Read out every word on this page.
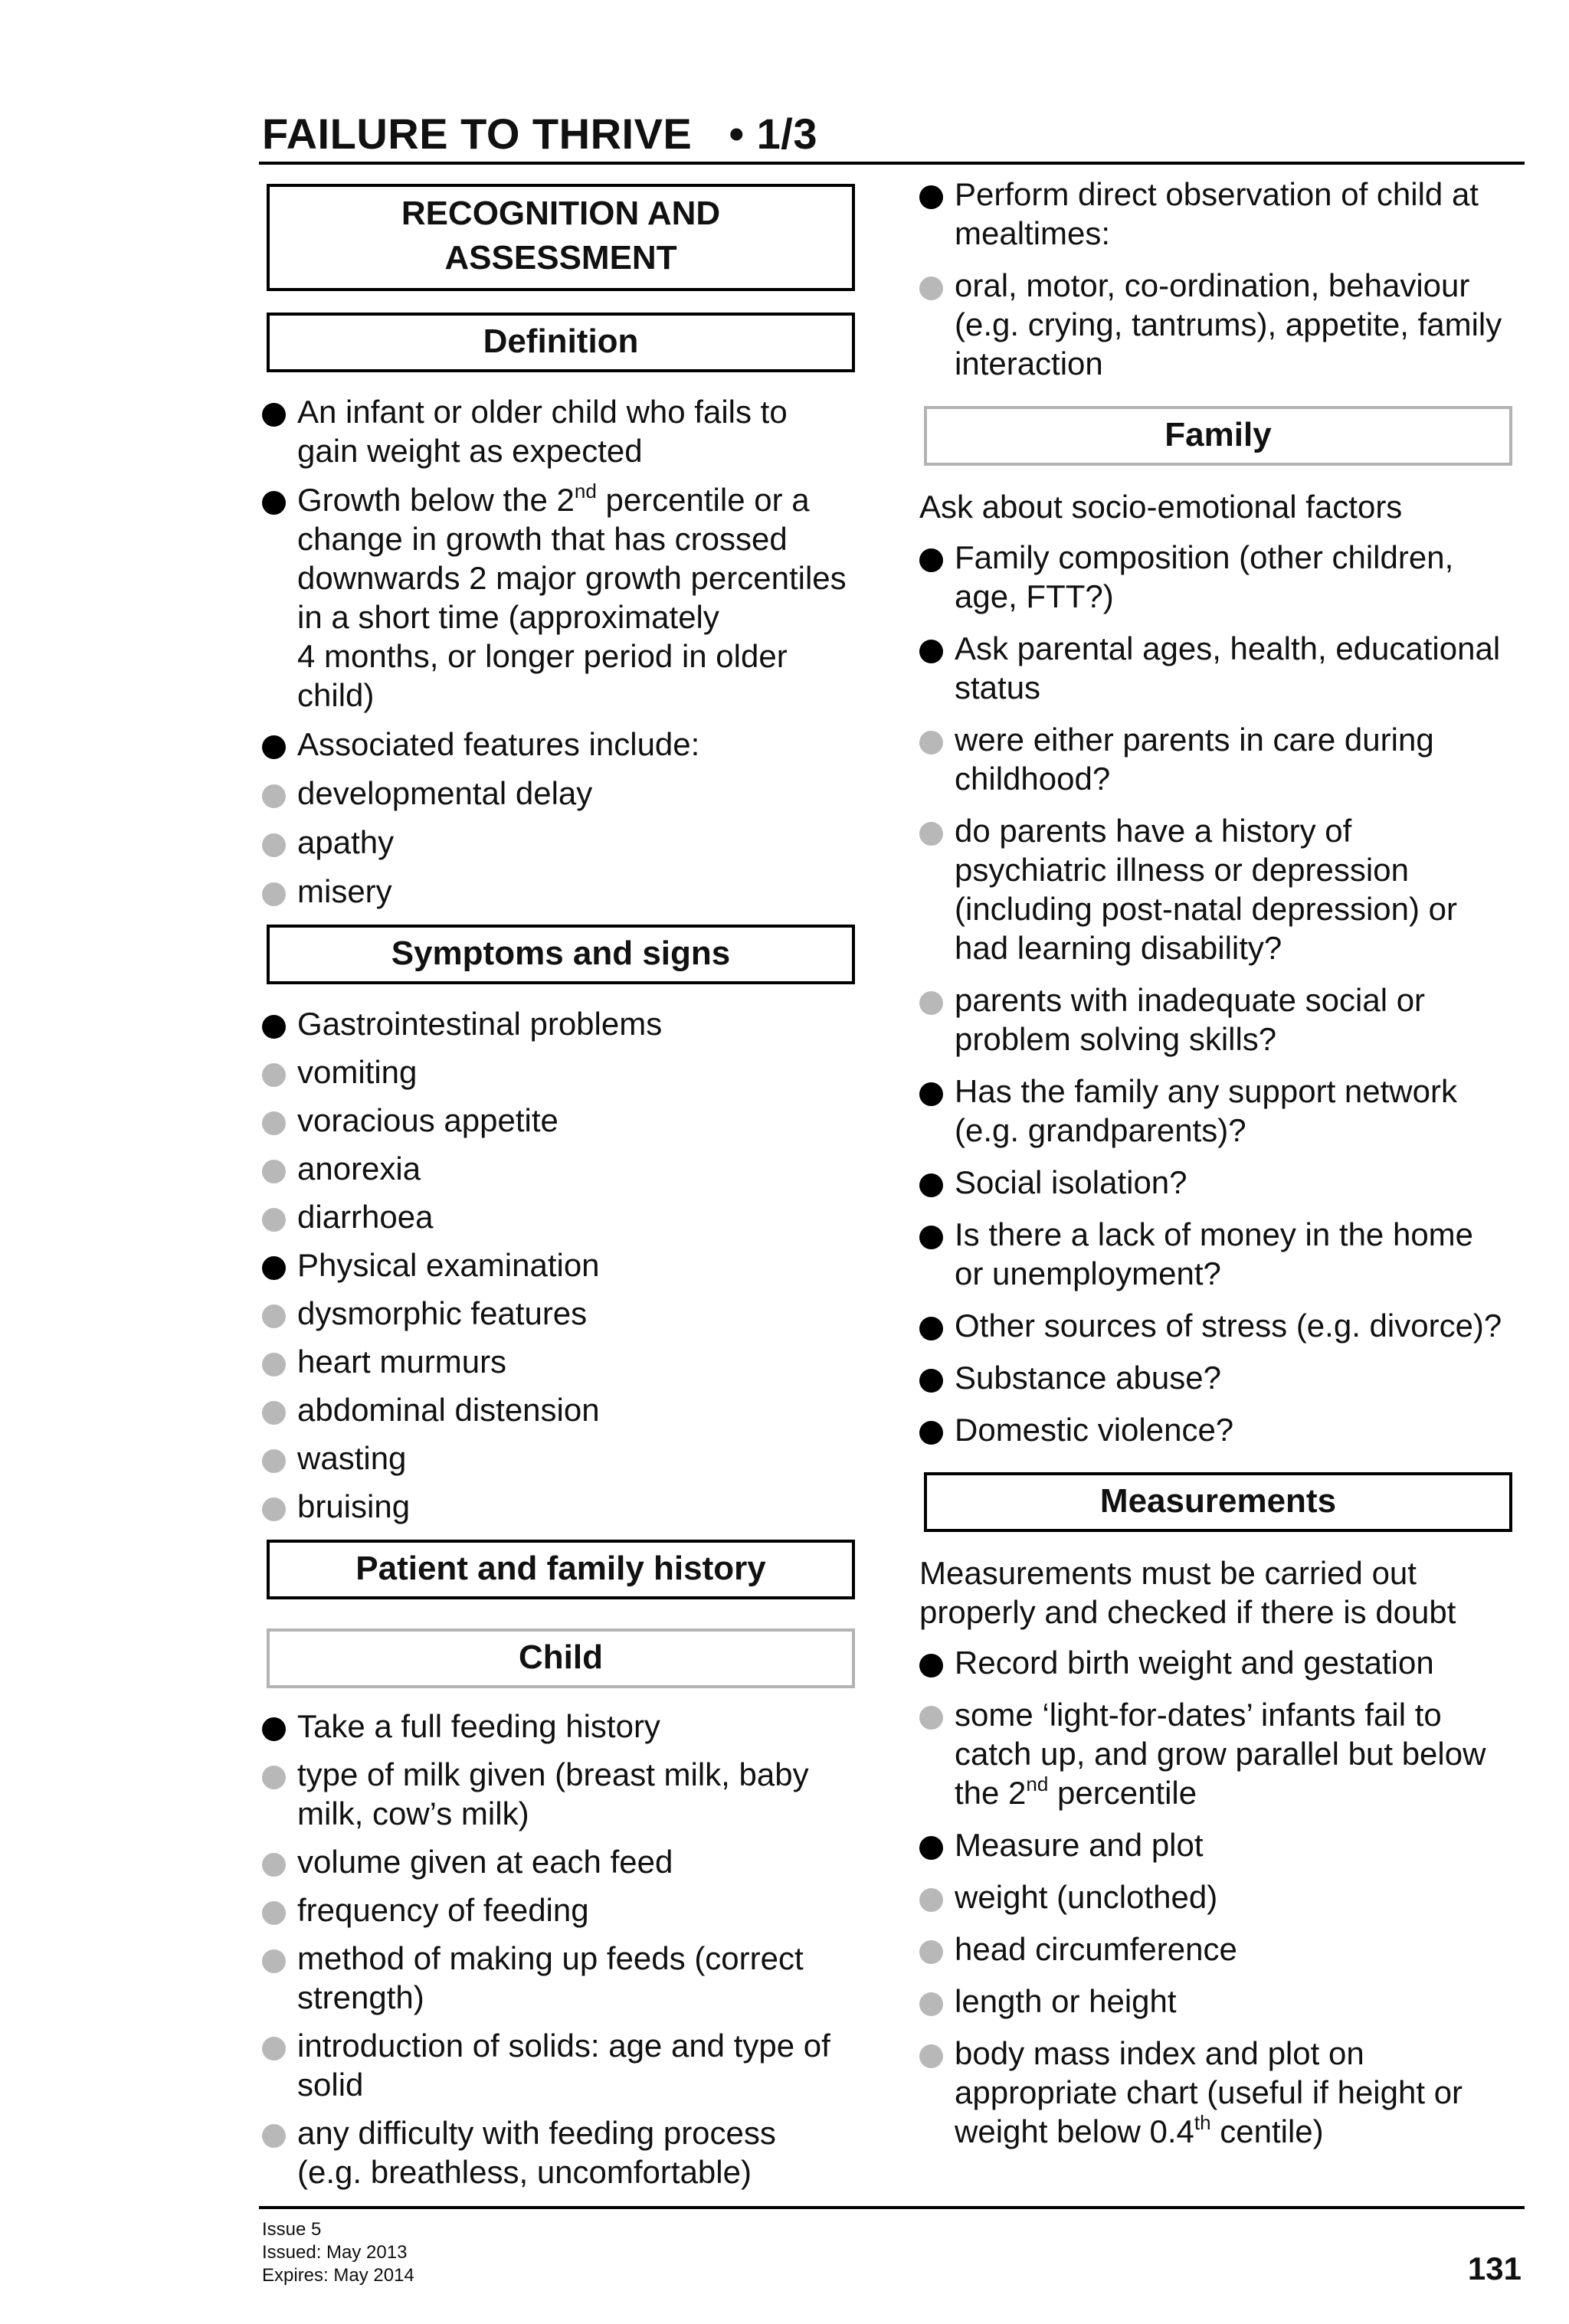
FAILURE TO THRIVE • 1/3
RECOGNITION AND
ASSESSMENT
Definition
An infant or older child who fails to
gain weight as expected
Growth below the 2nd percentile or a
change in growth that has crossed
downwards 2 major growth percentiles
in a short time (approximately
4 months, or longer period in older
child)
Associated features include:
developmental delay
apathy
misery
Symptoms and signs
Gastrointestinal problems
vomiting
voracious appetite
anorexia
diarrhoea
Physical examination
dysmorphic features
heart murmurs
abdominal distension
wasting
bruising
Patient and family history
Child
Take a full feeding history
type of milk given (breast milk, baby
milk, cow’s milk)
volume given at each feed
frequency of feeding
method of making up feeds (correct
strength)
introduction of solids: age and type of
solid
any difficulty with feeding process
(e.g. breathless, uncomfortable)
Perform direct observation of child at
mealtimes:
oral, motor, co-ordination, behaviour
(e.g. crying, tantrums), appetite, family
interaction
Family
Ask about socio-emotional factors
Family composition (other children,
age, FTT?)
Ask parental ages, health, educational
status
were either parents in care during
childhood?
do parents have a history of
psychiatric illness or depression
(including post-natal depression) or
had learning disability?
parents with inadequate social or
problem solving skills?
Has the family any support network
(e.g. grandparents)?
Social isolation?
Is there a lack of money in the home
or unemployment?
Other sources of stress (e.g. divorce)?
Substance abuse?
Domestic violence?
Measurements
Measurements must be carried out
properly and checked if there is doubt
Record birth weight and gestation
some ‘light-for-dates’ infants fail to
catch up, and grow parallel but below
the 2nd percentile
Measure and plot
weight (unclothed)
head circumference
length or height
body mass index and plot on
appropriate chart (useful if height or
weight below 0.4th centile)
Issue 5
Issued: May 2013
Expires: May 2014	131
